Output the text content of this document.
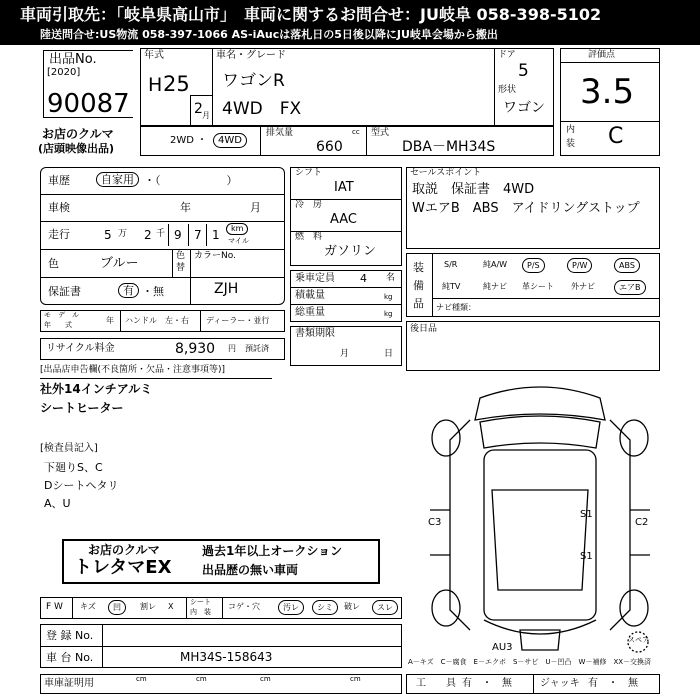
車両引取先：「岐阜県高山市」　車両に関するお問合せ：JU岐阜 058-398-5102
陸送問合せ:US物流 058-397-1066 AS-iAucは落札日の5日後以降にJU岐阜会場から搬出
出品No.
[2020]
90087
お店のクルマ
(店頭映像出品)
年式
H 25
2 月
車名・グレード
ワゴンR
4WD　FX
ドア
5
形状
ワゴン
評価点
3.5
内
装 C
2WD ・	4WD
排気量	cc
660
型式
DBA－MH34S
車歴	自家用 ・（　　　　　　）
車検	年	月
走行	5 万 2 千 9 7 1 km
マイル
色	ブルー	色
替
カラーNo.
ZJH
保証書	有 ・無
モ　デ　ル
年　　式	年 ハンドル　左・右 ディーラー・並行
リサイクル料金	8,930 円 預託済
シフト
IAT
冷　房
AAC
燃　料
ガソリン
乗車定員 4 名
積載量	kg
総重量	kg
書類期限
月	日
セールスポイント
取説　保証書　4WD
WエアB　ABS　アイドリングストップ
装
備
品
S/R	純A/W	P/S	P/W	ABS
純TV	純ナビ 革シート 外ナビ	エアB
ナビ種類：
後日品
[出品店申告欄(不良箇所・欠品・注意事項等)]
社外14インチアルミ
シートヒーター
[検査員記入]
下廻りS、C
Dシートヘタリ
A、U
お店のクルマ
トレタマEX
過去1年以上オークション
出品歴の無い車両
F W キズ	凹	割レ X シート
内　装
コゲ・穴	汚レ	シミ	破レ	スレ
登 録 No.
車 台 No.	MH34S-158643
車庫証明用	cm	cm	cm	cm	工　　具 有　・　無	ジャッキ 有　・　無
C3
S1
C2
S1
AU3
スペア
A－キズ　C－腐食　E－エクボ　S－サビ　U－凹凸　W－補修　XX－交換済
